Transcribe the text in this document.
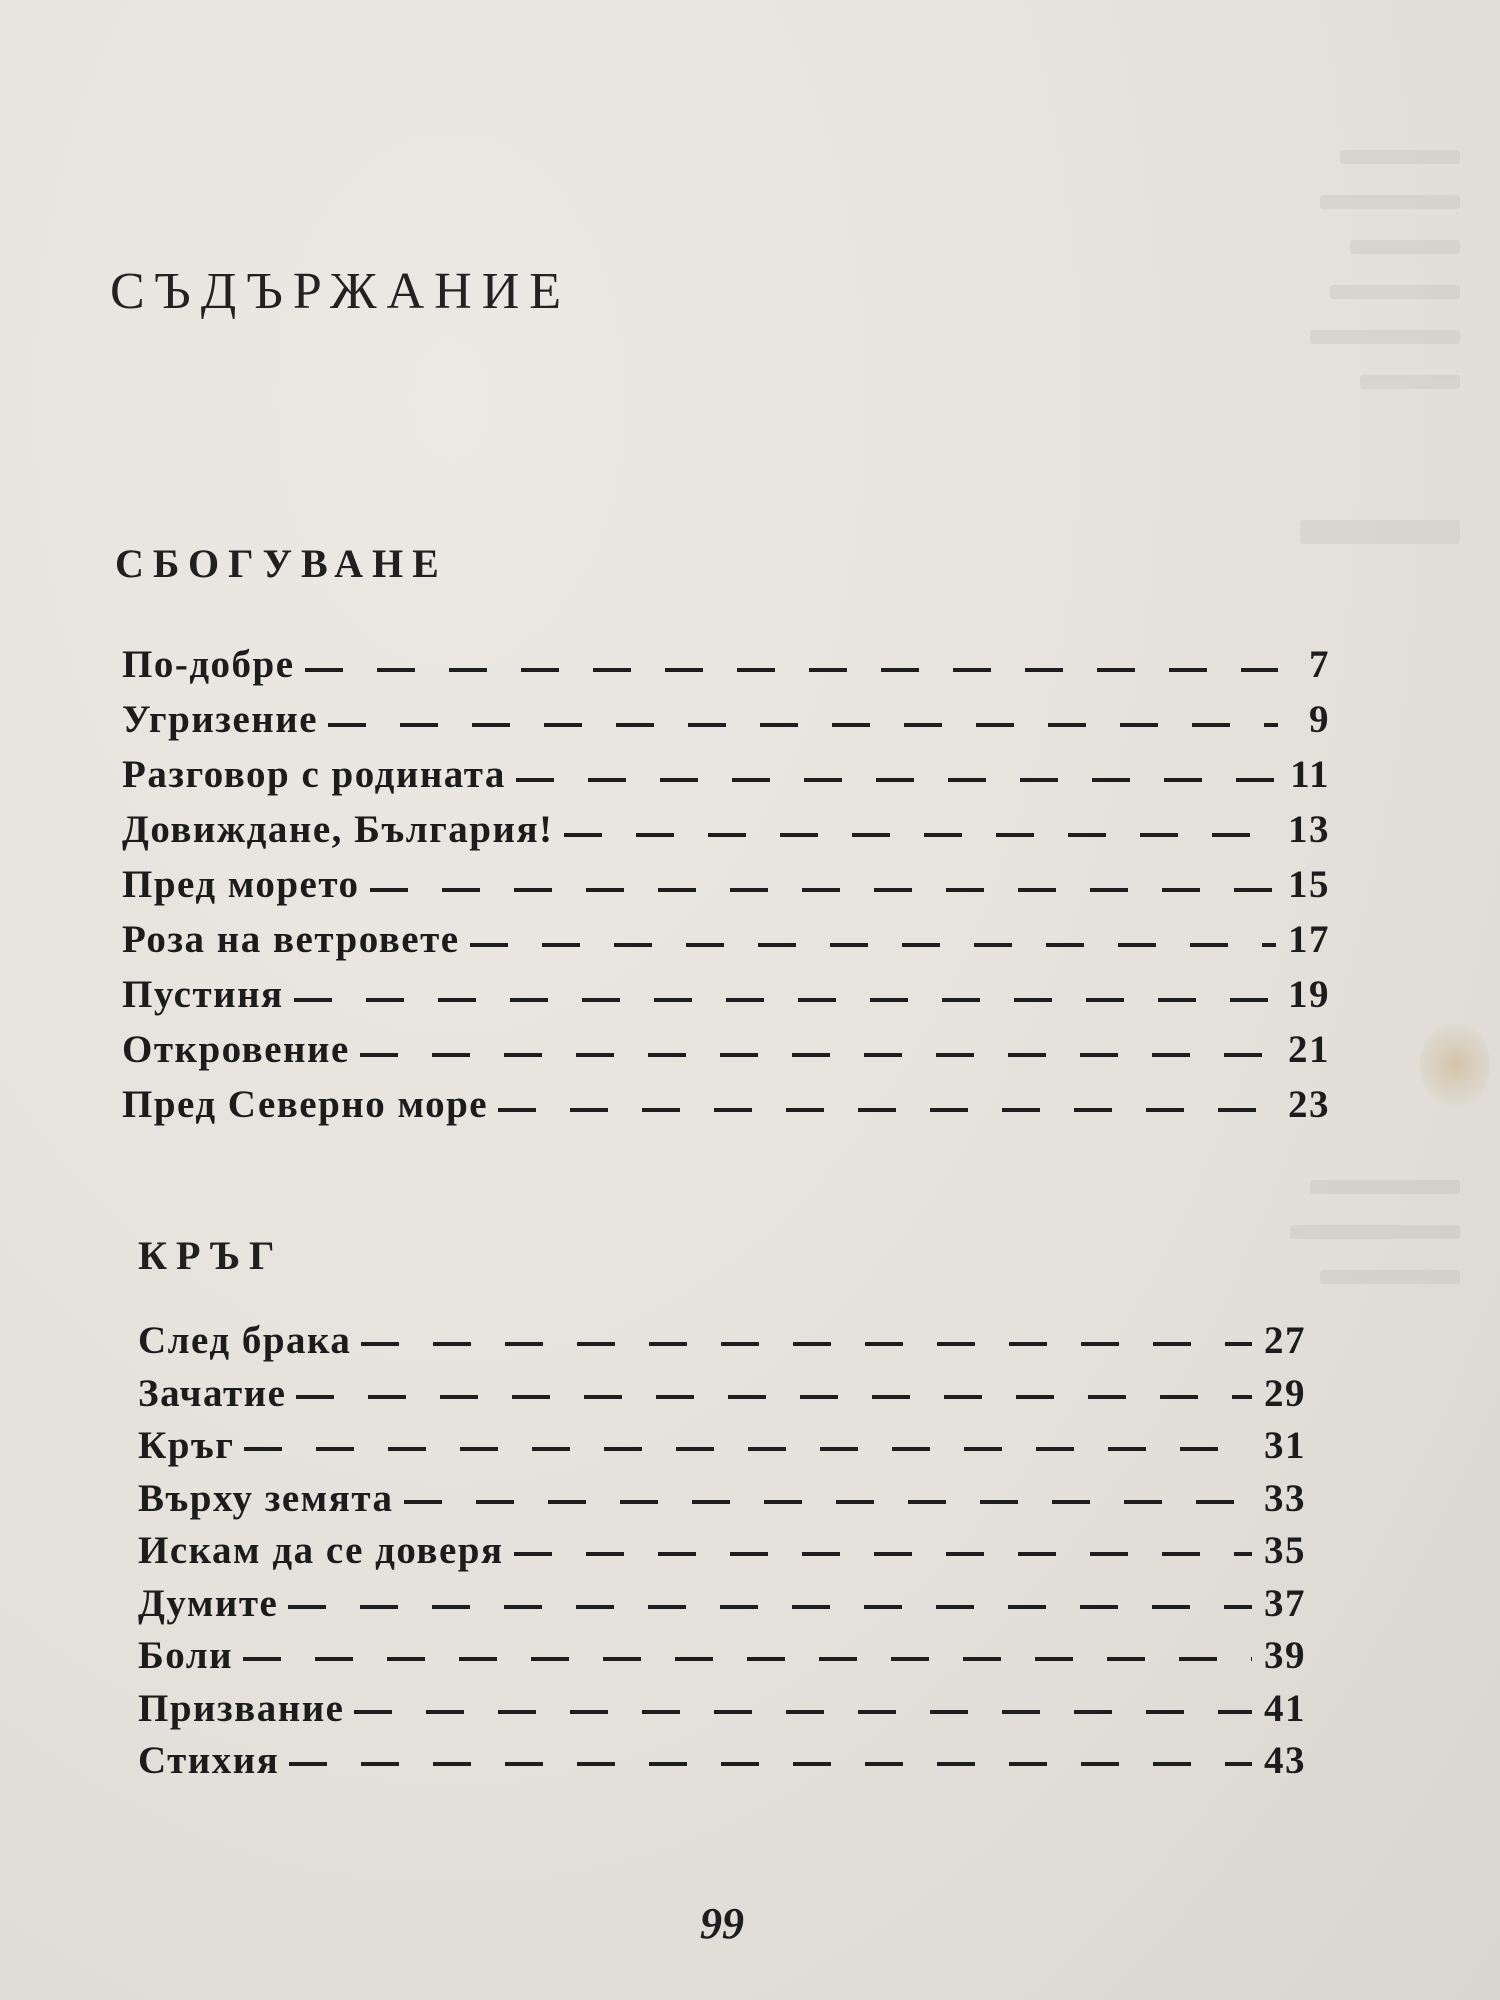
СЪДЪРЖАНИЕ
СБОГУВАНЕ
По-добре	7
Угризение	9
Разговор с родината	11
Довиждане, България!	13
Пред морето	15
Роза на ветровете	17
Пустиня	19
Откровение	21
Пред Северно море	23
КРЪГ
След брака	27
Зачатие	29
Кръг	31
Върху земята	33
Искам да се доверя	35
Думите	37
Боли	39
Призвание	41
Стихия	43

99
